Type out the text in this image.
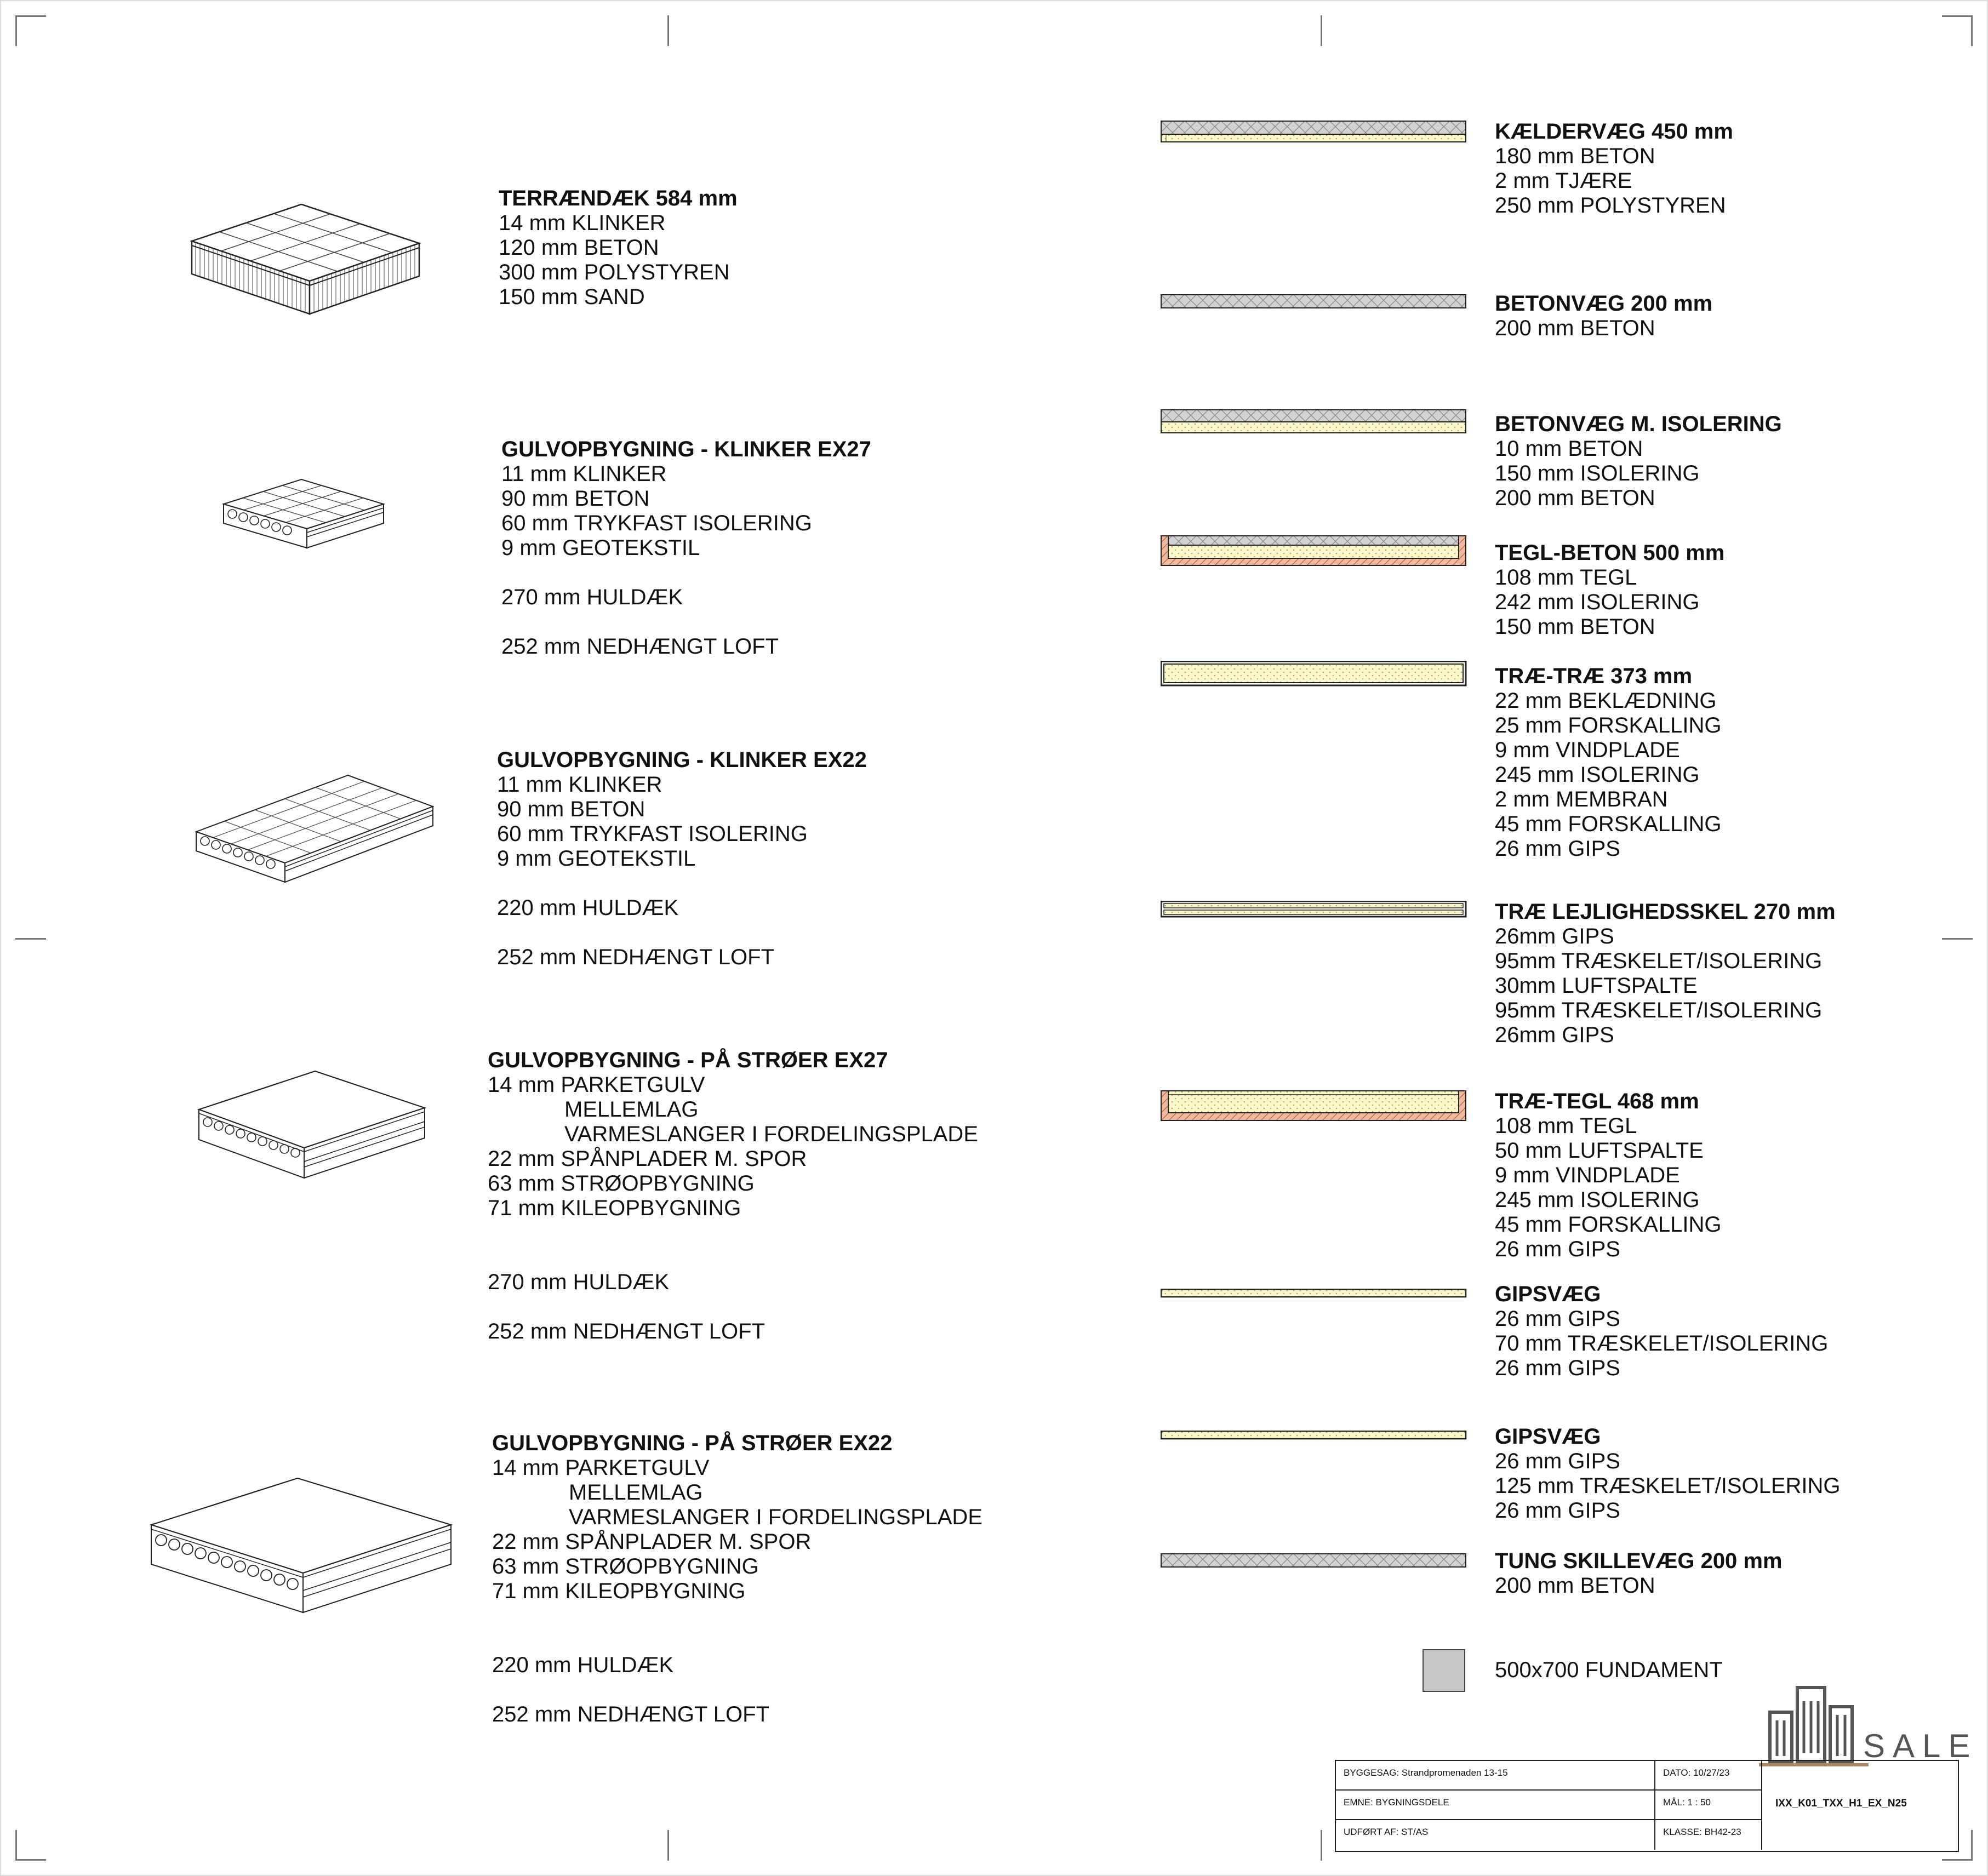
TERRÆNDÆK 584 mm
14 mm KLINKER
120 mm BETON
300 mm POLYSTYREN
150 mm SAND
GULVOPBYGNING - KLINKER EX27
11 mm KLINKER
90 mm BETON
60 mm TRYKFAST ISOLERING
9 mm GEOTEKSTIL
270 mm HULDÆK
252 mm NEDHÆNGT LOFT
GULVOPBYGNING - KLINKER EX22
11 mm KLINKER
90 mm BETON
60 mm TRYKFAST ISOLERING
9 mm GEOTEKSTIL
220 mm HULDÆK
252 mm NEDHÆNGT LOFT
GULVOPBYGNING - PÅ STRØER EX27
14 mm PARKETGULV
MELLEMLAG
VARMESLANGER I FORDELINGSPLADE
22 mm SPÅNPLADER M. SPOR
63 mm STRØOPBYGNING
71 mm KILEOPBYGNING
270 mm HULDÆK
252 mm NEDHÆNGT LOFT
GULVOPBYGNING - PÅ STRØER EX22
14 mm PARKETGULV
MELLEMLAG
VARMESLANGER I FORDELINGSPLADE
22 mm SPÅNPLADER M. SPOR
63 mm STRØOPBYGNING
71 mm KILEOPBYGNING
220 mm HULDÆK
252 mm NEDHÆNGT LOFT
KÆLDERVÆG 450 mm
180 mm BETON
2 mm TJÆRE
250 mm POLYSTYREN
BETONVÆG 200 mm
200 mm BETON
BETONVÆG M. ISOLERING
10 mm BETON
150 mm ISOLERING
200 mm BETON
TEGL-BETON 500 mm
108 mm TEGL
242 mm ISOLERING
150 mm BETON
TRÆ-TRÆ 373 mm
22 mm BEKLÆDNING
25 mm FORSKALLING
9 mm VINDPLADE
245 mm ISOLERING
2 mm MEMBRAN
45 mm FORSKALLING
26 mm GIPS
TRÆ LEJLIGHEDSSKEL 270 mm
26mm GIPS
95mm TRÆSKELET/ISOLERING
30mm LUFTSPALTE
95mm TRÆSKELET/ISOLERING
26mm GIPS
TRÆ-TEGL 468 mm
108 mm TEGL
50 mm LUFTSPALTE
9 mm VINDPLADE
245 mm ISOLERING
45 mm FORSKALLING
26 mm GIPS
GIPSVÆG
26 mm GIPS
70 mm TRÆSKELET/ISOLERING
26 mm GIPS
GIPSVÆG
26 mm GIPS
125 mm TRÆSKELET/ISOLERING
26 mm GIPS
TUNG SKILLEVÆG 200 mm
200 mm BETON
500x700 FUNDAMENT
SALE
BYGGESAG: Strandpromenaden 13-15
EMNE: BYGNINGSDELE
UDFØRT AF: ST/AS
DATO: 10/27/23
MÅL: 1 : 50
KLASSE: BH42-23
IXX_K01_TXX_H1_EX_N25
